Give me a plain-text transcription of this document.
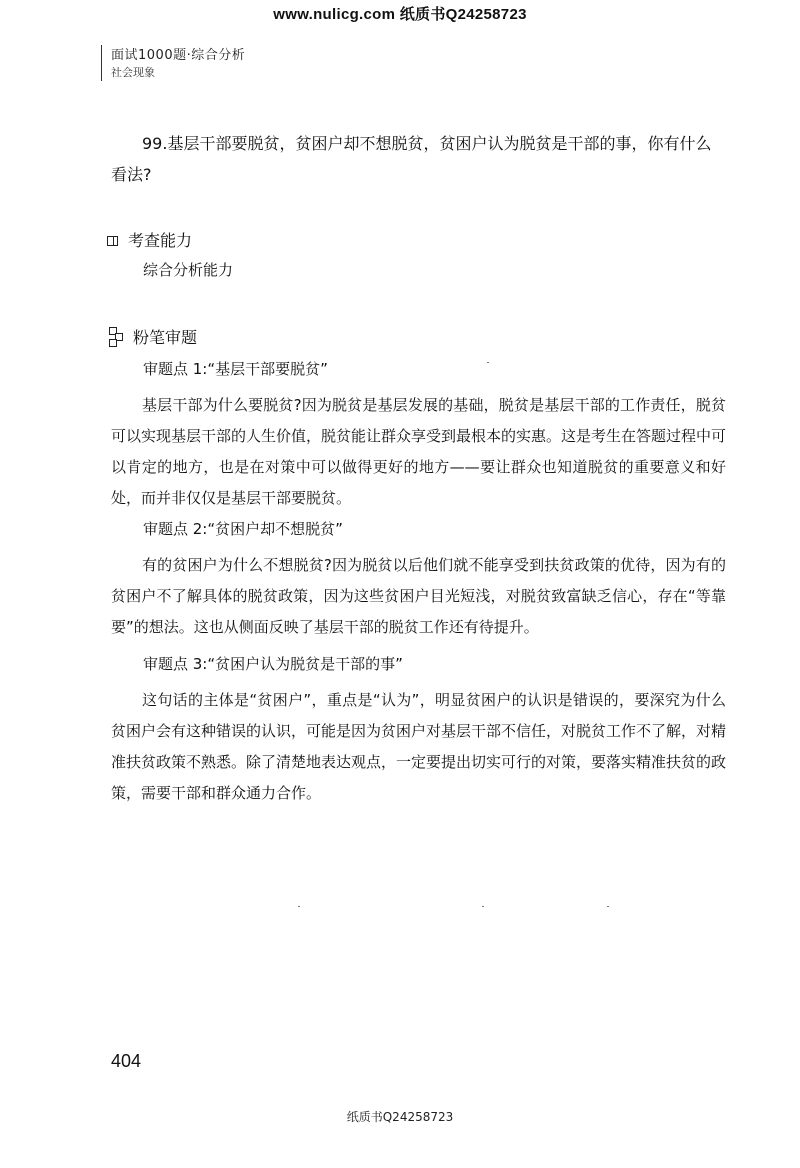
www.nulicg.com 纸质书Q24258723
面试1000题·综合分析
社会现象

99.基层干部要脱贫，贫困户却不想脱贫，贫困户认为脱贫是干部的事，你有什么看法?

考查能力

综合分析能力

粉笔审题

审题点 1:“基层干部要脱贫”

基层干部为什么要脱贫?因为脱贫是基层发展的基础，脱贫是基层干部的工作责任，脱贫可以实现基层干部的人生价值，脱贫能让群众享受到最根本的实惠。这是考生在答题过程中可以肯定的地方，也是在对策中可以做得更好的地方——要让群众也知道脱贫的重要意义和好处，而并非仅仅是基层干部要脱贫。

审题点 2:“贫困户却不想脱贫”

有的贫困户为什么不想脱贫?因为脱贫以后他们就不能享受到扶贫政策的优待，因为有的贫困户不了解具体的脱贫政策，因为这些贫困户目光短浅，对脱贫致富缺乏信心，存在“等靠要”的想法。这也从侧面反映了基层干部的脱贫工作还有待提升。

审题点 3:“贫困户认为脱贫是干部的事”

这句话的主体是“贫困户”，重点是“认为”，明显贫困户的认识是错误的，要深究为什么贫困户会有这种错误的认识，可能是因为贫困户对基层干部不信任，对脱贫工作不了解，对精准扶贫政策不熟悉。除了清楚地表达观点，一定要提出切实可行的对策，要落实精准扶贫的政策，需要干部和群众通力合作。

404
纸质书Q24258723
